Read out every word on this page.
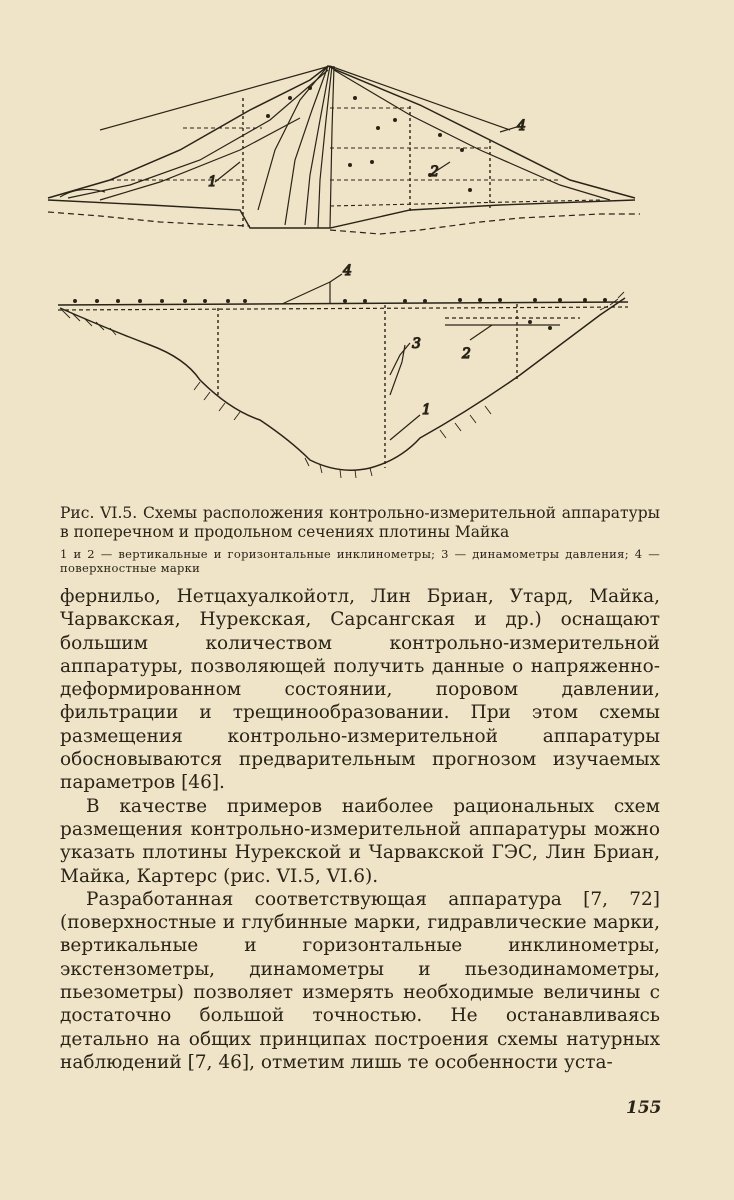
1
2
4
4
3
2
1
Рис. VI.5. Схемы расположения контрольно-измерительной аппаратуры в поперечном и продольном сечениях плотины Майка
1 и 2 — вертикальные и горизонтальные инклинометры; 3 — динамометры давления; 4 — поверхностные марки

фернильо, Нетцахуалкойотл, Лин Бриан, Утард, Майка, Чарвакская, Нурекская, Сарсангская и др.) оснащают большим количеством контрольно-измерительной аппаратуры, позволяющей получить данные о напряженно-деформированном состоянии, поровом давлении, фильтрации и трещинообразовании. При этом схемы размещения контрольно-измерительной аппаратуры обосновываются предварительным прогнозом изучаемых параметров [46].

В качестве примеров наиболее рациональных схем размещения контрольно-измерительной аппаратуры можно указать плотины Нурекской и Чарвакской ГЭС, Лин Бриан, Майка, Картерс (рис. VI.5, VI.6).

Разработанная соответствующая аппаратура [7, 72] (поверхностные и глубинные марки, гидравлические марки, вертикальные и горизонтальные инклинометры, экстензометры, динамометры и пьезодинамометры, пьезометры) позволяет измерять необходимые величины с достаточно большой точностью. Не останавливаясь детально на общих принципах построения схемы натурных наблюдений [7, 46], отметим лишь те особенности уста-

155
